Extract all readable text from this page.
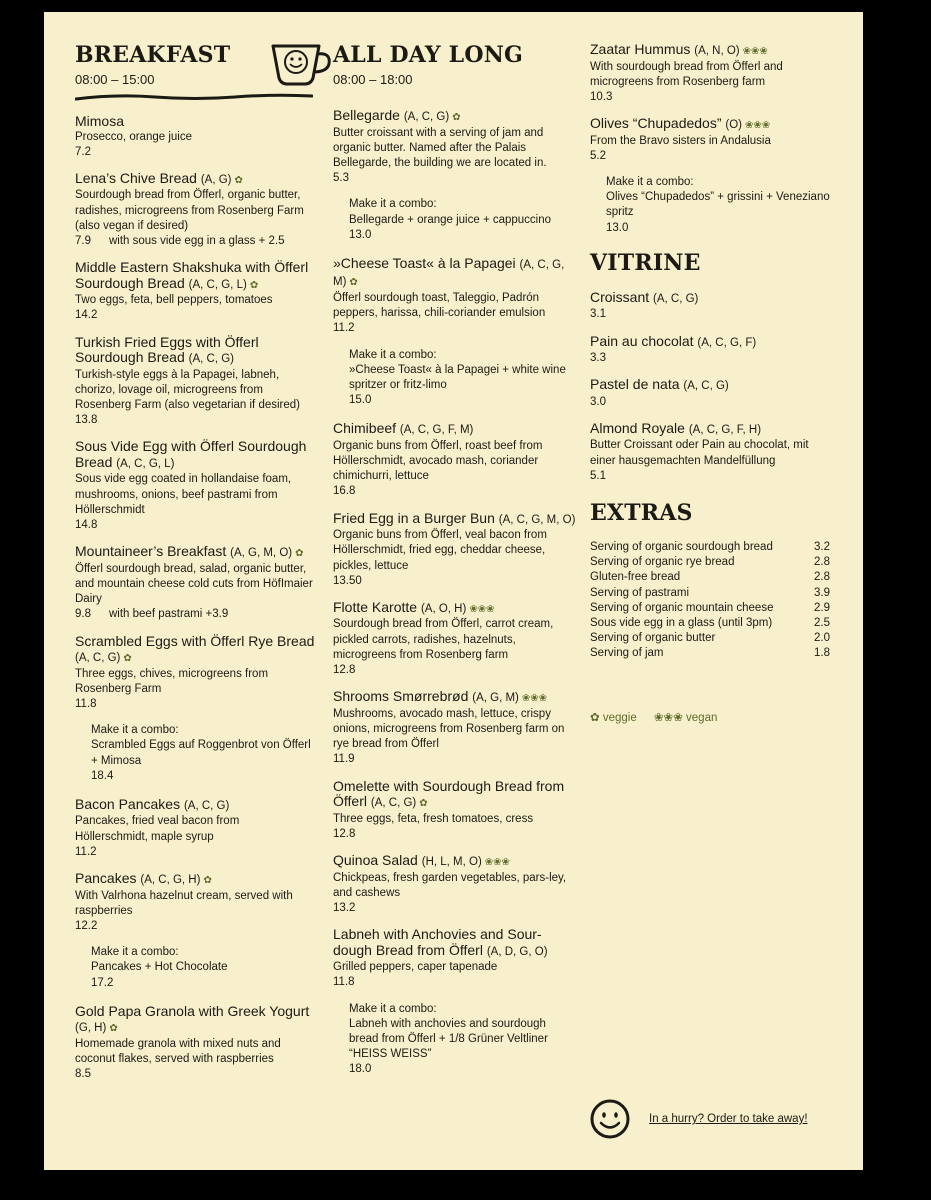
BREAKFAST
08:00 – 15:00
Mimosa
Prosecco, orange juice
7.2
Lena’s Chive Bread (A, G) ✿
Sourdough bread from Öfferl, organic butter, radishes, microgreens from Rosenberg Farm (also vegan if desired)
7.9 with sous vide egg in a glass + 2.5
Middle Eastern Shakshuka with Öfferl Sourdough Bread (A, C, G, L) ✿
Two eggs, feta, bell peppers, tomatoes
14.2
Turkish Fried Eggs with Öfferl Sourdough Bread (A, C, G)
Turkish-style eggs à la Papagei, labneh, chorizo, lovage oil, microgreens from Rosenberg Farm (also vegetarian if desired)
13.8
Sous Vide Egg with Öfferl Sourdough Bread (A, C, G, L)
Sous vide egg coated in hollandaise foam, mushrooms, onions, beef pastrami from Höllerschmidt
14.8
Mountaineer’s Breakfast (A, G, M, O) ✿
Öfferl sourdough bread, salad, organic butter, and mountain cheese cold cuts from HöfImaier Dairy
9.8 with beef pastrami +3.9
Scrambled Eggs with Öfferl Rye Bread (A, C, G) ✿
Three eggs, chives, microgreens from Rosenberg Farm
11.8
Make it a combo:
Scrambled Eggs auf Roggenbrot von Öfferl + Mimosa
18.4
Bacon Pancakes (A, C, G)
Pancakes, fried veal bacon from Höllerschmidt, maple syrup
11.2
Pancakes (A, C, G, H) ✿
With Valrhona hazelnut cream, served with raspberries
12.2
Make it a combo:
Pancakes + Hot Chocolate
17.2
Gold Papa Granola with Greek Yogurt (G, H) ✿
Homemade granola with mixed nuts and coconut flakes, served with raspberries
8.5
ALL DAY LONG
08:00 – 18:00
Bellegarde (A, C, G) ✿
Butter croissant with a serving of jam and organic butter. Named after the Palais Bellegarde, the building we are located in.
5.3
Make it a combo:
Bellegarde + orange juice + cappuccino
13.0
»Cheese Toast« à la Papagei (A, C, G, M) ✿
Öfferl sourdough toast, Taleggio, Padrón peppers, harissa, chili-coriander emulsion
11.2
Make it a combo:
»Cheese Toast« à la Papagei + white wine spritzer or fritz-limo
15.0
Chimibeef (A, C, G, F, M)
Organic buns from Öfferl, roast beef from Höllerschmidt, avocado mash, coriander chimichurri, lettuce
16.8
Fried Egg in a Burger Bun (A, C, G, M, O)
Organic buns from Öfferl, veal bacon from Höllerschmidt, fried egg, cheddar cheese, pickles, lettuce
13.50
Flotte Karotte (A, O, H) ❀❀❀
Sourdough bread from Öfferl, carrot cream, pickled carrots, radishes, hazelnuts, microgreens from Rosenberg farm
12.8
Shrooms Smørrebrød (A, G, M) ❀❀❀
Mushrooms, avocado mash, lettuce, crispy onions, microgreens from Rosenberg farm on rye bread from Öfferl
11.9
Omelette with Sourdough Bread from Öfferl (A, C, G) ✿
Three eggs, feta, fresh tomatoes, cress
12.8
Quinoa Salad (H, L, M, O) ❀❀❀
Chickpeas, fresh garden vegetables, pars-ley, and cashews
13.2
Labneh with Anchovies and Sour-dough Bread from Öfferl (A, D, G, O)
Grilled peppers, caper tapenade
11.8
Make it a combo:
Labneh with anchovies and sourdough bread from Öfferl + 1/8 Grüner Veltliner “HEISS WEISS”
18.0
Zaatar Hummus (A, N, O) ❀❀❀
With sourdough bread from Öfferl and microgreens from Rosenberg farm
10.3
Olives “Chupadedos” (O) ❀❀❀
From the Bravo sisters in Andalusia
5.2
Make it a combo:
Olives “Chupadedos” + grissini + Veneziano spritz
13.0
VITRINE
Croissant (A, C, G)
3.1
Pain au chocolat (A, C, G, F)
3.3
Pastel de nata (A, C, G)
3.0
Almond Royale (A, C, G, F, H)
Butter Croissant oder Pain au chocolat, mit einer hausgemachten Mandelfüllung
5.1
EXTRAS
Serving of organic sourdough bread	3.2
Serving of organic rye bread	2.8
Gluten-free bread	2.8
Serving of pastrami	3.9
Serving of organic mountain cheese	2.9
Sous vide egg in a glass (until 3pm)	2.5
Serving of organic butter	2.0
Serving of jam	1.8
✿ veggie ❀❀❀ vegan
In a hurry? Order to take away!
